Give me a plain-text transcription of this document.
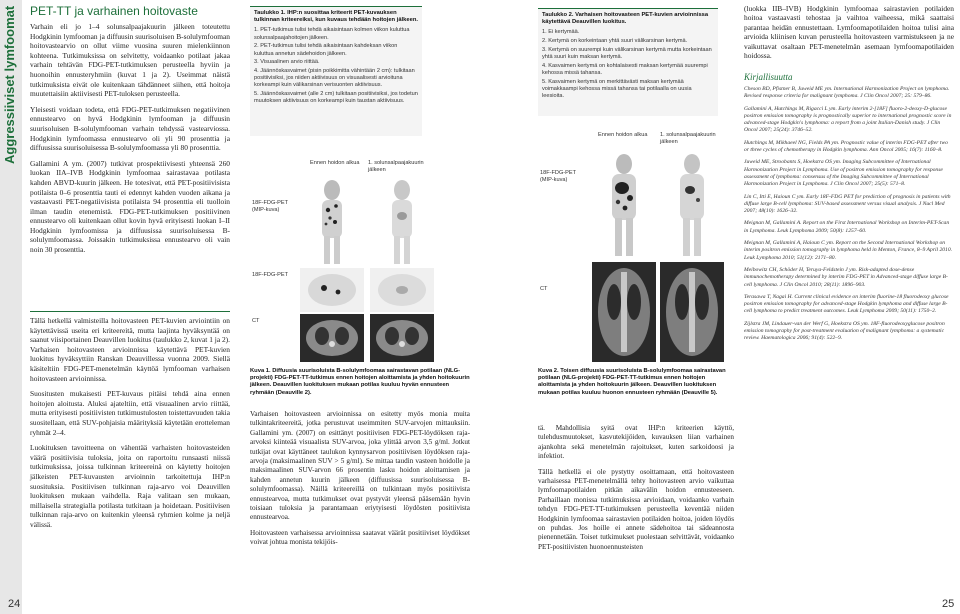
Aggressiiviset lymfoomat PET-TT ja varhainen hoitovaste

Varhain eli jo 1–4 solunsalpaajakuurin jälkeen toteutettu Hodgkinin lymfooman ja diffuusin suurisoluisen B-solulymfooman hoitovastearvio on ollut viime vuosina suuren mielenkiinnon kohteena. Tutkimuksissa on selvitetty, voidaanko potilaat jakaa varhain tehtävän FDG-PET-tutkimuksen perusteella hyviin ja huonoihin ennusteryhmiin (kuvat 1 ja 2). Useimmat näistä tutkimuksista eivät ole kuitenkaan tähdänneet siihen, että hoitoja muutettaisiin aktiivisesti PET-tuloksen perusteella.

Yleisesti voidaan todeta, että FDG-PET-tutkimuksen negatiivinen ennustearvo on hyvä Hodgkinin lymfooman ja diffuusin suurisoluisen B-solulymfooman varhain tehdyssä vastearviossa. Hodgkinin lymfoomassa ennustearvo oli yli 90 prosenttia ja diffuusissa suurisoluisessa B-solulymfoomassa yli 80 prosenttia.

Gallamini A ym. (2007) tutkivat prospektiivisesti yhteensä 260 luokan IIA–IVB Hodgkinin lymfoomaa sairastavaa potilasta kahden ABVD-kuurin jälkeen. He totesivat, että PET-positiivisista potilaista 0–6 prosenttia tauti ei edennyt kahden vuoden aikana ja vastaavasti PET-negatiivisista potilaista 94 prosenttia eli tuolloin ilman taudin etenemistä. FDG-PET-tutkimuksen positiivinen ennustearvo oli kuitenkaan ollut kovin hyvä erityisesti luokan I–II Hodgkinin lymfoomissa ja diffuusissa suurisoluisessa B-solulymfoomassa. Joissakin tutkimuksissa ennustearvo oli vain noin 30 prosenttia.

Tällä hetkellä valmisteilla hoitovasteen PET-kuvien arviointiin on käytettävissä useita eri kriteereitä, mutta laajinta hyväksyntää on saanut viisiportainen Deauvillen luokitus (taulukko 2, kuvat 1 ja 2). Varhaisen hoitovasteen arvioinnissa käytettävä PET-kuvien luokitus hyväksyttiin Ranskan Deauvillessa vuonna 2009. Siellä käsiteltiin FDG-PET-menetelmän käyttöä lymfooman varhaisen hoitovasteen arvioinnissa.

Suositusten mukaisesti PET-kuvaus pitäisi tehdä aina ennen hoitojen aloitusta. Aluksi ajateltiin, että visuaalinen arvio riittää, mutta erityisesti positiivisten tutkimustulosten toistettavuuden takia suositellaan, että SUV-pohjaisia määrityksiä käytetään erotteleman ryhmät 2–4.

Luokituksen tavoitteena on vähentää varhaisten hoitovasteiden väärä positiivisia tuloksia, joita on raportoitu runsaasti niissä tutkimuksissa, joissa tulkinnan kriteereinä on käytetty hoitojen jälkeisten PET-kuvausten arvioinnin tarkoitettuja IHP:n suosituksia. Positiivisen tulkinnan raja-arvo voi Deauvillen luokituksen mukaan vaihdella. Raja valitaan sen mukaan, millaisella strategialla potilasta tutkitaan ja hoidetaan. Positiivisen tulkinnan raja-arvo on kuitenkin yleensä ryhmien kolme ja neljä välissä.

Taulukko 1. IHP:n suosittaa kriteerit PET-kuvauksen tulkinnan kriteereiksi, kun kuvaus tehdään hoitojen jälkeen.
1. PET-tutkimus tulisi tehdä aikaisintaan kolmen viikon kuluttua solunsalpaajahoitojen jälkeen.
2. PET-tutkimus tulisi tehdä aikaisintaan kahdeksan viikon kuluttua annetun sädehoidon jälkeen.
3. Visuaalinen arvio riittää.
4. Jäännöskasvaimet (pisin poikkimitta vähintään 2 cm): tulkitaan positiivisiksi, jos niiden aktiivisuus on visuaalisesti arvioituna korkeampi kuin välikarsinan verisuonten aktiivisuus.
5. Jäännöskasvaimet (alle 2 cm) tulkitaan positiivisiksi, jos todetun muutoksen aktiivisuus on korkeampi kuin taustan aktiivisuus.
Ennen hoidon alkua 1. solunsalpaajakuurin jälkeen
18F-FDG-PET (MIP-kuva)
18F-FDG-PET
CT
Kuva 1. Diffuusia suurisoluista B-solulymfoomaa sairastavan potilaan (NLG-projekti) FDG-PET-TT-tutkimus ennen hoitojen aloittamista ja yhden hoitokuurin jälkeen. Deauvillen luokituksen mukaan potilas kuuluu hyvän ennusteen ryhmään (Deauville 2).
24

Varhaisen hoitovasteen arvioinnissa on esitetty myös monia muita tulkintakriteereitä, jotka perustuvat useimmiten SUV-arvojen mittauksiin. Gallamini ym. (2007) on esittänyt positiivisen FDG-PET-löydöksen raja-arvoksi kiinteää visuaalista SUV-arvoa, joka ylittää arvon 3,5 g/ml. Jotkut tutkijat ovat käyttäneet taulukon kynnysarvon positiivisen löydöksen raja-arvoja (maksimaalinen SUV > 5 g/ml). Se mittaa taudin vasteen hoidolle ja maksimaalinen SUV-arvon 66 prosentin lasku hoidon aloittamisen ja kahden annetun kuurin jälkeen (diffuusissa suurisoluisessa B-solulymfoomassa). Näillä kriteereillä on tulkintaan myös positiivista ennustearvoa, mutta tutkimukset ovat pystyvät yleensä pääsemään hyvin toisiaan tuloksia ja parantamaan eriytyisesti löydösten positiivista ennustearvoa.

Hoitovasteen varhaisessa arvioinnissa saatavat väärät positiiviset löydökset voivat johtua monista tekijöis-

Taulukko 2. Varhaisen hoitovasteen PET-kuvien arvioinnissa käytettävä Deauvillen luokitus.
1. Ei kertymää.
2. Kertymä on korkeintaan yhtä suuri välikarsinan kertymä.
3. Kertymä on suurempi kuin välikarsinan kertymä mutta korkeintaan yhtä suuri kuin maksan kertymä.
4. Kasvaimen kertymä on kohtalaisesti maksan kertymää suurempi kehossa missä tahansa.
5. Kasvaimen kertymä on merkittävästi maksan kertymää voimakkaampi kehossa missä tahansa tai potilaalla on uusia leesioita.
Ennen hoidon alkua	1. solunsalpaajakuurin jälkeen
18F-FDG-PET (MIP-kuva)
CT
Kuva 2. Toisen diffuusia suurisoluista B-solulymfoomaa sairastavan potilaan (NLG-projekti) FDG-PET-TT-tutkimus ennen hoitojen aloittamista ja yhden hoitokuurin jälkeen. Deauvillen luokituksen mukaan potilas kuuluu huonon ennusteen ryhmään (Deauville 5).

tä. Mahdollisia syitä ovat IHP:n kriteerien käyttö, tulehdusmuutokset, kasvutekijöiden, kuvauksen liian varhainen ajankohta sekä menetelmän rajoitukset, kuten sarkoidoosi ja infektiot.

Tällä hetkellä ei ole pystytty osoittamaan, että hoitovasteen varhaisessa PET-menetelmällä tehty hoitovasteen arvio vaikuttaa lymfoomapotilaiden pitkän aikavälin hoidon ennusteeseen. Parhaillaan monissa tutkimuksissa arvioidaan, voidaanko varhain tehdyn FDG-PET-TT-tutkimuksen perusteella keventää niiden Hodgkinin lymfoomaa sairastavien potilaiden hoitoa, joiden löydös on puhdas. Jos hoille ei annete sädehoitoa tai sädeannosta pienennetään. Toiset tutkimukset puolestaan selvittävät, voidaanko PET-positiivisten huonoennusteisten

(luokka IIB–IVB) Hodgkinin lymfoomaa sairastavien potilaiden hoitoa vastaavasti tehostaa ja vaihtoa vaiheessa, mikä saattaisi parantaa heidän ennustettaan. Lymfoomapotilaiden hoitoa tulisi aina arvioida kliinisen kuvan perusteella hoitovasteen varmistukseen ja ne vaikuttavat osaltaan PET-menetelmän asemaan lymfoomapotilaiden hoidossa.
Kirjallisuutta

Cheson BD, Pfistner B, Juweid ME ym. International Harmonization Project on lymphoma. Revised response criteria for malignant lymphoma. J Clin Oncol 2007; 25: 579–86.

Gallamini A, Hutchings M, Rigacci L ym. Early interim 2-[18F] fluoro-2-deoxy-D-glucose positron emission tomography is prognostically superior to international prognostic score in advanced-stage Hodgkin's lymphoma: a report from a joint Italian-Danish study. J Clin Oncol 2007; 25(24): 3746–52.

Hutchings M, Mikhaeel NG, Fields PA ym. Prognostic value of interim FDG-PET after two or three cycles of chemotherapy in Hodgkin lymphoma. Ann Oncol 2005; 16(7): 1160–8.

Juweid ME, Stroobants S, Hoekstra OS ym. Imaging Subcommittee of International Harmonization Project in Lymphoma. Use of positron emission tomography for response assessment of lymphoma: consensus of the Imaging Subcommittee of International Harmonization Project in Lymphoma. J Clin Oncol 2007; 25(5): 571–8.

Lin C, Itti E, Haioun C ym. Early 18F-FDG PET for prediction of prognosis in patients with diffuse large B-cell lymphoma: SUV-based assessment versus visual analysis. J Nucl Med 2007; 48(10): 1626–32.

Meignan M, Gallamini A. Report on the First International Workshop on Interim-PET-Scan in Lymphoma. Leuk Lymphoma 2009; 50(8): 1257–60.

Meignan M, Gallamini A, Haioun C ym. Report on the Second International Workshop on interim positron emission tomography in lymphoma held in Menton, France, 8–9 April 2010. Leuk Lymphoma 2010; 51(12): 2171–80.

Meibowitz CH, Schöder H, Teruya-Feldstein J ym. Risk-adapted dose-dense immunochemotherapy determined by interim FDG-PET in Advanced-stage diffuse large B-cell lymphoma. J Clin Oncol 2010; 28(11): 1896–903.

Terasawa T, Nagai H. Current clinical evidence on interim fluorine-18 fluorodeoxy glucose positron emission tomography for advanced-stage Hodgkin lymphoma and diffuse large B-cell lymphoma to predict treatment outcomes. Leuk Lymphoma 2009; 50(11): 1750–2.

Zijlstra JM, Lindauer-van der Werf G, Hoekstra OS ym. 18F-fluorodeoxyglucose positron emission tomography for post-treatment evaluation of malignant lymphoma: a systematic review. Haematologica 2006; 91(4): 522–9.

25
